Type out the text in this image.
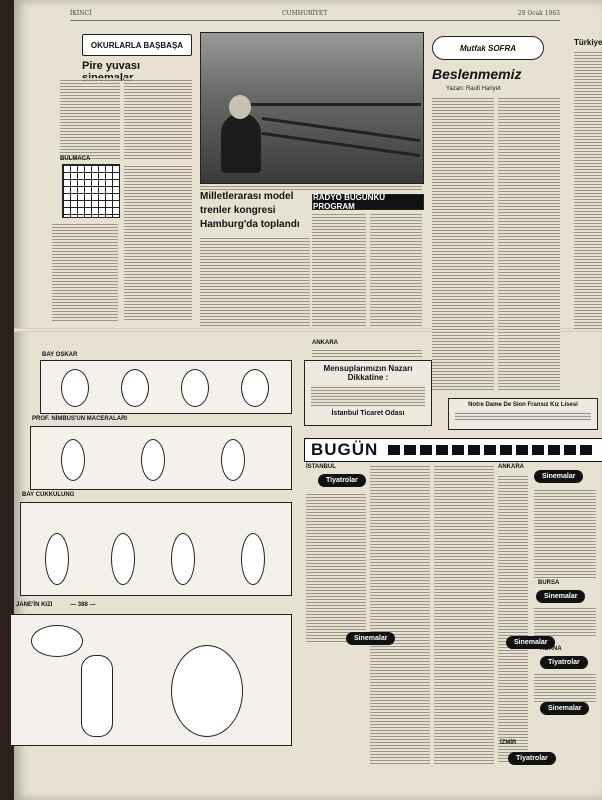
İKİNCİ	CUMHURİYET	29 Ocak 1963
OKURLARLA BAŞBAŞA
Pire yuvası
BULMACA
Milletlerarası model
trenler kongresi
Hamburg'da toplandı
RADYO BUGÜNKÜ PROGRAM
ANKARA
Mutfak SOFRA
Beslenmemiz
Yazan: Raufi Hariyet
Türkiye
Mensuplarımızın Nazarı
Dikkatine :
İstanbul Ticaret Odası
Notre Dame De Sion Fransız Kız Lisesi
BAY OSKAR
PROF. NİMBUS'UN MACERALARI
BAY CUKKULUNG
JANE'İN KIZI	— 388 —
BUGÜN
İSTANBUL	ANKARA
Tiyatrolar
Sinemalar
Sinemalar
BURSA
Sinemalar
Sinemalar
ADANA
Tiyatrolar
Sinemalar
İZMİR
Tiyatrolar
